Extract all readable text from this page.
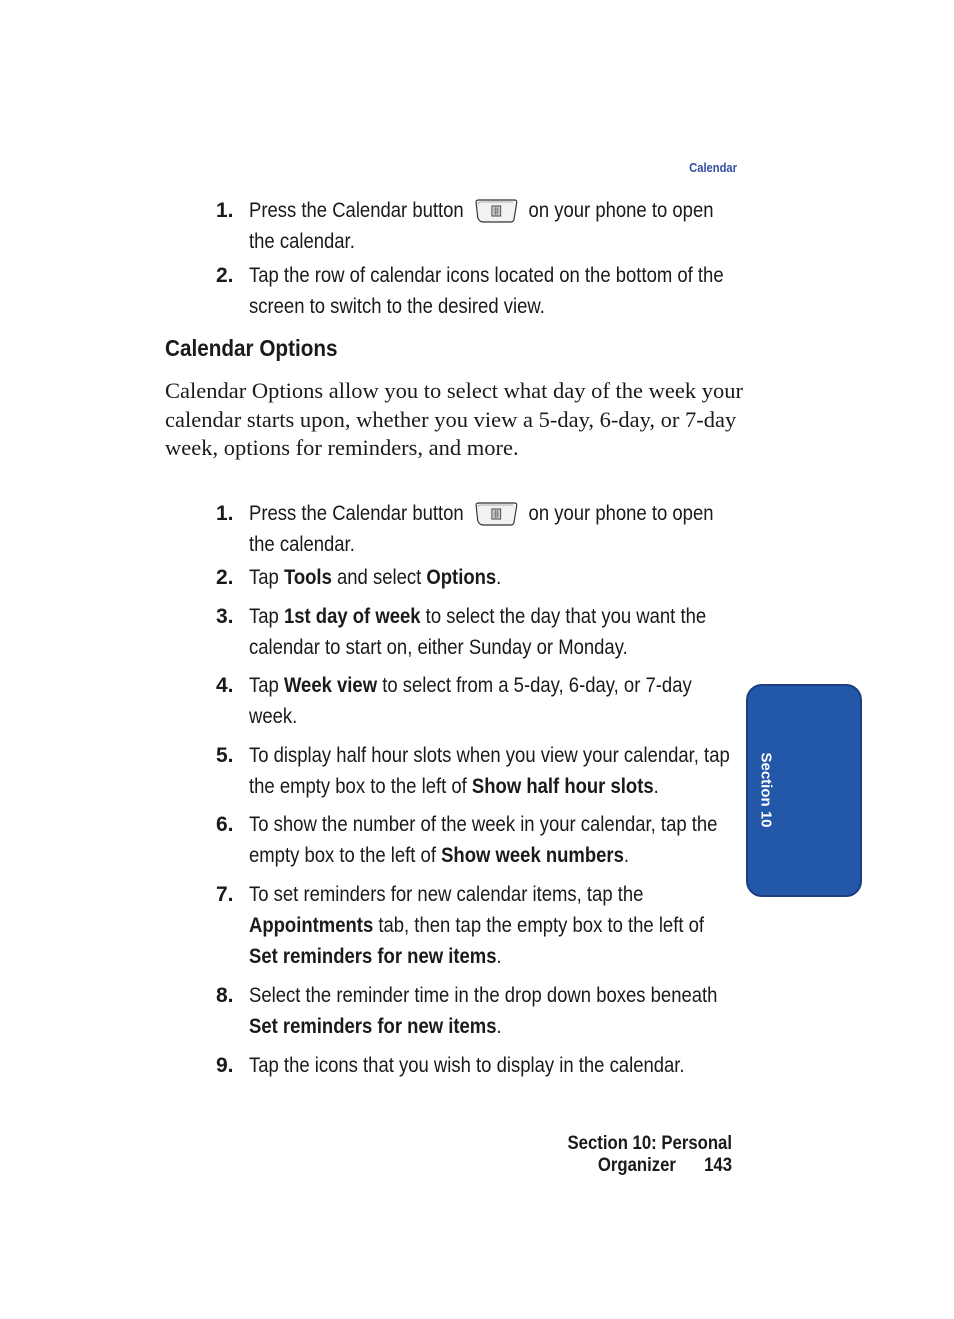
Calendar
1. Press the Calendar button	on your phone to open the calendar.
2. Tap the row of calendar icons located on the bottom of the screen to switch to the desired view.
Calendar Options
Calendar Options allow you to select what day of the week your calendar starts upon, whether you view a 5-day, 6-day, or 7-day week, options for reminders, and more.
1. Press the Calendar button	on your phone to open the calendar.
2. Tap Tools and select Options.
3. Tap 1st day of week to select the day that you want the calendar to start on, either Sunday or Monday.
4. Tap Week view to select from a 5-day, 6-day, or 7-day week.
5. To display half hour slots when you view your calendar, tap the empty box to the left of Show half hour slots.
6. To show the number of the week in your calendar, tap the empty box to the left of Show week numbers.
7. To set reminders for new calendar items, tap the Appointments tab, then tap the empty box to the left of Set reminders for new items.
8. Select the reminder time in the drop down boxes beneath Set reminders for new items.
9. Tap the icons that you wish to display in the calendar.
Section 10
Section 10: Personal Organizer 143
